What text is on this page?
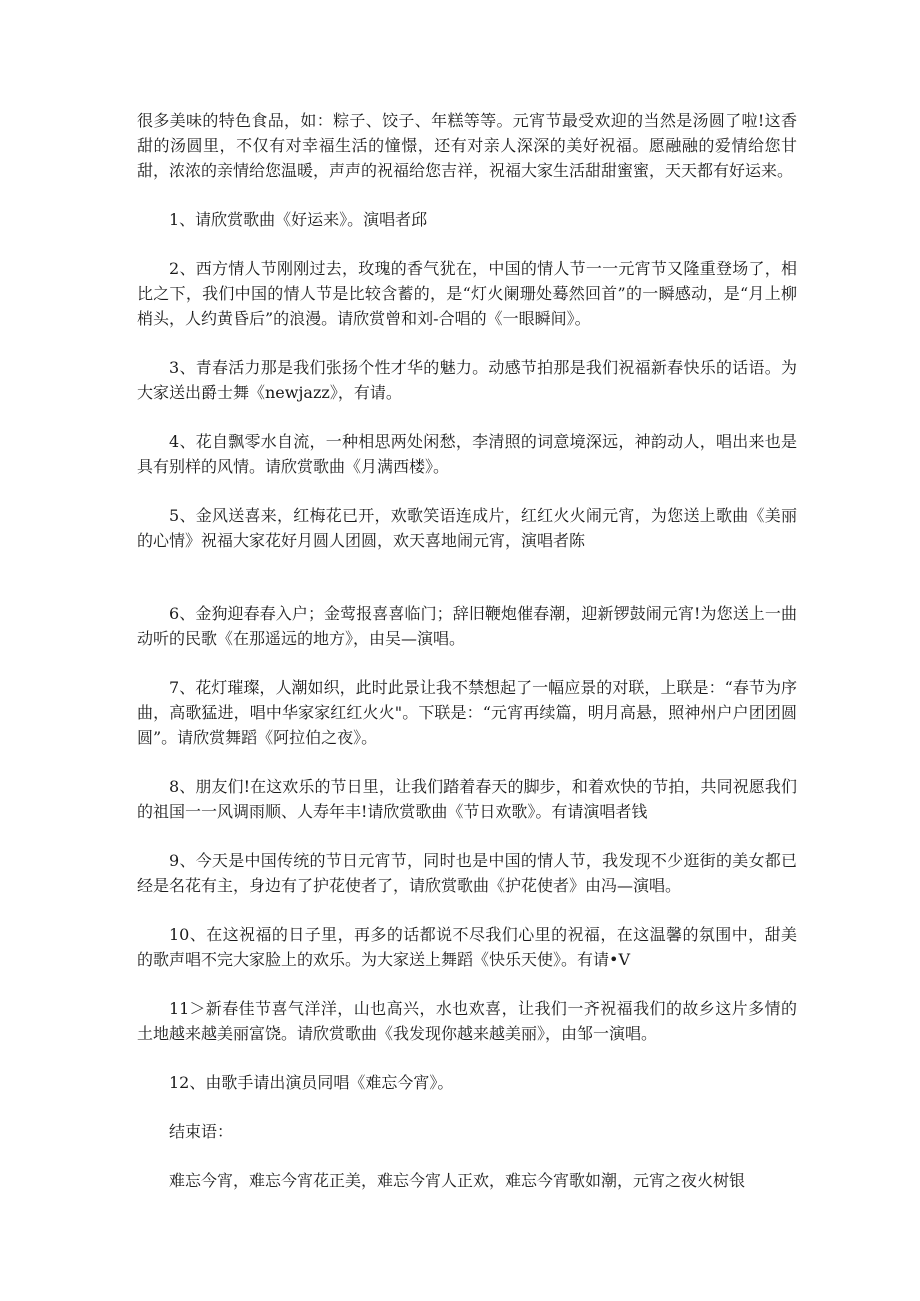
很多美味的特色食品，如：粽子、饺子、年糕等等。元宵节最受欢迎的当然是汤圆了啦!这香甜的汤圆里，不仅有对幸福生活的憧憬，还有对亲人深深的美好祝福。愿融融的爱情给您甘甜，浓浓的亲情给您温暖，声声的祝福给您吉祥，祝福大家生活甜甜蜜蜜，天天都有好运来。

1、请欣赏歌曲《好运来》。演唱者邱

2、西方情人节刚刚过去，玫瑰的香气犹在，中国的情人节一一元宵节又隆重登场了，相比之下，我们中国的情人节是比较含蓄的，是“灯火阑珊处蓦然回首”的一瞬感动，是“月上柳梢头，人约黄昏后”的浪漫。请欣赏曾和刘-合唱的《一眼瞬间》。

3、青春活力那是我们张扬个性才华的魅力。动感节拍那是我们祝福新春快乐的话语。为大家送出爵士舞《newjazz》，有请。

4、花自飘零水自流，一种相思两处闲愁，李清照的词意境深远，神韵动人，唱出来也是具有别样的风情。请欣赏歌曲《月满西楼》。

5、金风送喜来，红梅花已开，欢歌笑语连成片，红红火火闹元宵，为您送上歌曲《美丽的心情》祝福大家花好月圆人团圆，欢天喜地闹元宵，演唱者陈

6、金狗迎春春入户；金莺报喜喜临门；辞旧鞭炮催春潮，迎新锣鼓闹元宵!为您送上一曲动听的民歌《在那遥远的地方》，由吴—演唱。

7、花灯璀璨，人潮如织，此时此景让我不禁想起了一幅应景的对联，上联是：“春节为序曲，高歌猛进，唱中华家家红红火火"。下联是：“元宵再续篇，明月高悬，照神州户户团团圆圆”。请欣赏舞蹈《阿拉伯之夜》。

8、朋友们!在这欢乐的节日里，让我们踏着春天的脚步，和着欢快的节拍，共同祝愿我们的祖国一一风调雨顺、人寿年丰!请欣赏歌曲《节日欢歌》。有请演唱者钱

9、今天是中国传统的节日元宵节，同时也是中国的情人节，我发现不少逛街的美女都已经是名花有主，身边有了护花使者了，请欣赏歌曲《护花使者》由冯—演唱。

10、在这祝福的日子里，再多的话都说不尽我们心里的祝福，在这温馨的氛围中，甜美的歌声唱不完大家脸上的欢乐。为大家送上舞蹈《快乐天使》。有请•V

11＞新春佳节喜气洋洋，山也高兴，水也欢喜，让我们一齐祝福我们的故乡这片多情的土地越来越美丽富饶。请欣赏歌曲《我发现你越来越美丽》，由邹一演唱。

12、由歌手请出演员同唱《难忘今宵》。

结束语：

难忘今宵，难忘今宵花正美，难忘今宵人正欢，难忘今宵歌如潮，元宵之夜火树银
